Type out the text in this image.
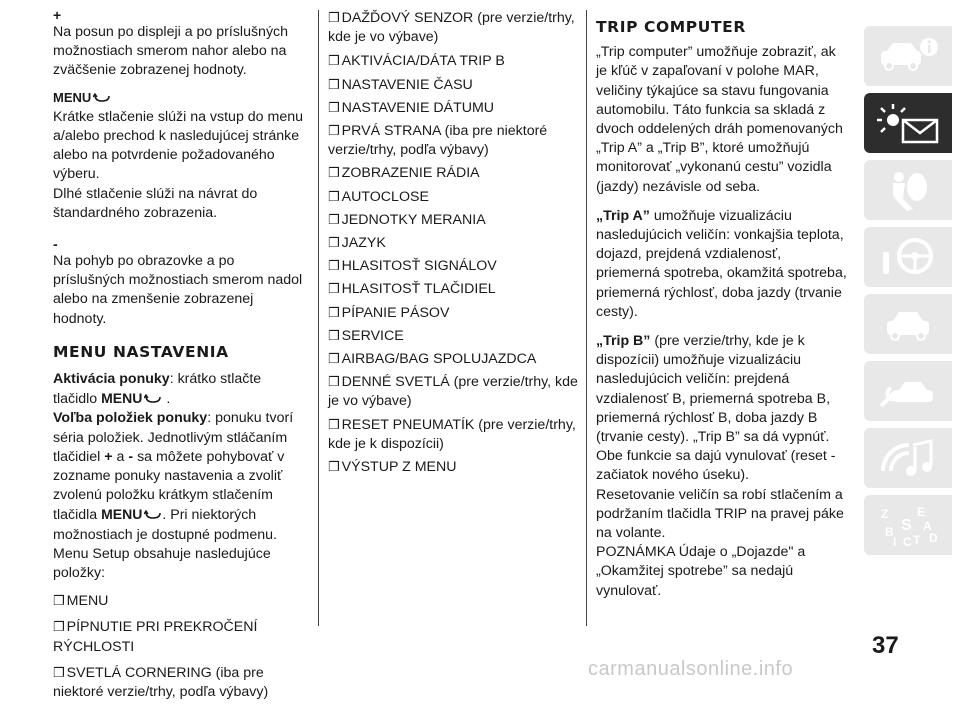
+

Na posun po displeji a po príslušných možnostiach smerom nahor alebo na zväčšenie zobrazenej hodnoty.

MENU

Krátke stlačenie slúži na vstup do menu a/alebo prechod k nasledujúcej stránke alebo na potvrdenie požadovaného výberu.

Dlhé stlačenie slúži na návrat do štandardného zobrazenia.

-

Na pohyb po obrazovke a po príslušných možnostiach smerom nadol alebo na zmenšenie zobrazenej hodnoty.

MENU NASTAVENIA

Aktivácia ponuky: krátko stlačte tlačidlo MENU .

Voľba položiek ponuky: ponuku tvorí séria položiek. Jednotlivým stláčaním tlačidiel + a - sa môžete pohybovať v zozname ponuky nastavenia a zvoliť zvolenú položku krátkym stlačením tlačidla MENU . Pri niektorých možnostiach je dostupné podmenu.

Menu Setup obsahuje nasledujúce položky:

❒ MENU

❒ PÍPNUTIE PRI PREKROČENÍ RÝCHLOSTI

❒ SVETLÁ CORNERING (iba pre niektoré verzie/trhy, podľa výbavy)

❒ DAŽĎOVÝ SENZOR (pre verzie/trhy, kde je vo výbave)

❒ AKTIVÁCIA/DÁTA TRIP B

❒ NASTAVENIE ČASU

❒ NASTAVENIE DÁTUMU

❒ PRVÁ STRANA (iba pre niektoré verzie/trhy, podľa výbavy)

❒ ZOBRAZENIE RÁDIA

❒ AUTOCLOSE

❒ JEDNOTKY MERANIA

❒ JAZYK

❒ HLASITOSŤ SIGNÁLOV

❒ HLASITOSŤ TLAČIDIEL

❒ PÍPANIE PÁSOV

❒ SERVICE

❒ AIRBAG/BAG SPOLUJAZDCA

❒ DENNÉ SVETLÁ (pre verzie/trhy, kde je vo výbave)

❒ RESET PNEUMATÍK (pre verzie/trhy, kde je k dispozícii)

❒ VÝSTUP Z MENU

TRIP COMPUTER

„Trip computer” umožňuje zobraziť, ak je kľúč v zapaľovaní v polohe MAR, veličiny týkajúce sa stavu fungovania automobilu. Táto funkcia sa skladá z dvoch oddelených dráh pomenovaných „Trip A” a „Trip B”, ktoré umožňujú monitorovať „vykonanú cestu” vozidla (jazdy) nezávisle od seba.

„Trip A” umožňuje vizualizáciu nasledujúcich veličín: vonkajšia teplota, dojazd, prejdená vzdialenosť, priemerná spotreba, okamžitá spotreba, priemerná rýchlosť, doba jazdy (trvanie cesty).

„Trip B” (pre verzie/trhy, kde je k dispozícii) umožňuje vizualizáciu nasledujúcich veličín: prejdená vzdialenosť B, priemerná spotreba B, priemerná rýchlosť B, doba jazdy B (trvanie cesty). „Trip B” sa dá vypnúť. Obe funkcie sa dajú vynulovať (reset - začiatok nového úseku).

Resetovanie veličín sa robí stlačením a podržaním tlačidla TRIP na pravej páke na volante.

POZNÁMKA Údaje o „Dojazde" a „Okamžitej spotrebe” sa nedajú vynulovať.

Z E
S A
B
I C T D
37
carmanualsonline.info
